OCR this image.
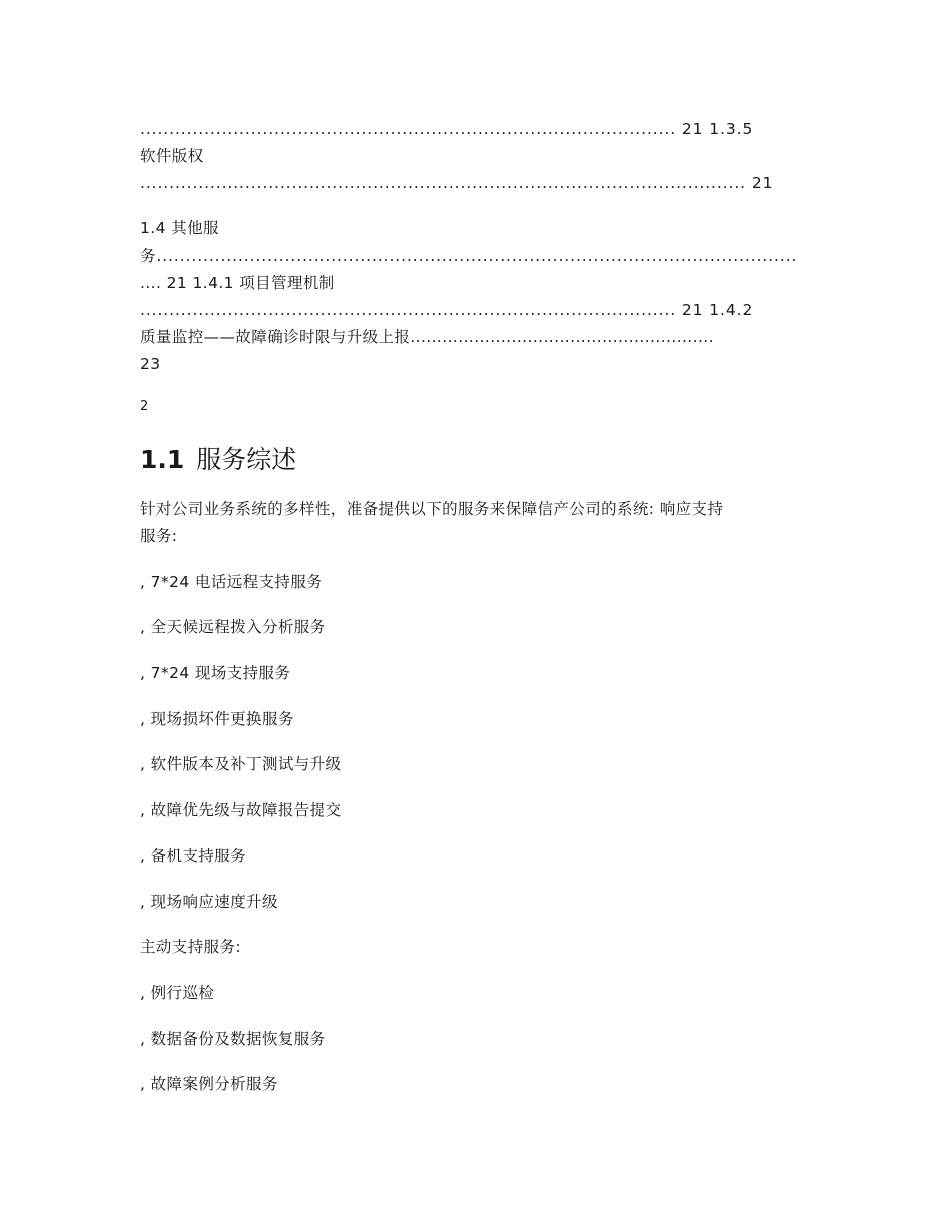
............................................................................................ 21 1.3.5
软件版权
........................................................................................................ 21
1.4 其他服
务..............................................................................................................
.... 21 1.4.1 项目管理机制
............................................................................................ 21 1.4.2
质量监控——故障确诊时限与升级上报.........................................................
23
2
1.1 服务综述
针对公司业务系统的多样性，准备提供以下的服务来保障信产公司的系统: 响应支持
服务:
, 7*24 电话远程支持服务
, 全天候远程拨入分析服务
, 7*24 现场支持服务
, 现场损坏件更换服务
, 软件版本及补丁测试与升级
, 故障优先级与故障报告提交
, 备机支持服务
, 现场响应速度升级
主动支持服务:
, 例行巡检
, 数据备份及数据恢复服务
, 故障案例分析服务
